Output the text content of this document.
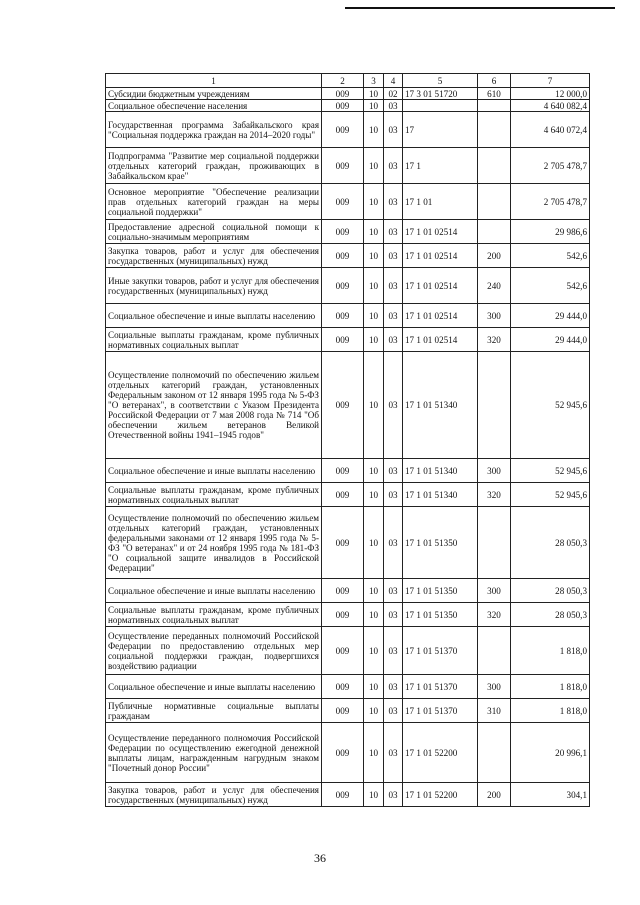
1	2	3	4	5	6	7
Субсидии бюджетным учреждениям	009	10	02	17 3 01 51720	610	12 000,0
Социальное обеспечение населения	009	10	03			4 640 082,4
Государственная программа Забайкальского края "Социальная поддержка граждан на 2014–2020 годы"	009	10	03	17		4 640 072,4
Подпрограмма "Развитие мер социальной поддержки отдельных категорий граждан, проживающих в Забайкальском крае"	009	10	03	17 1		2 705 478,7
Основное мероприятие "Обеспечение реализации прав отдельных категорий граждан на меры социальной поддержки"	009	10	03	17 1 01		2 705 478,7
Предоставление адресной социальной помощи к социально-значимым мероприятиям	009	10	03	17 1 01 02514		29 986,6
Закупка товаров, работ и услуг для обеспечения государственных (муниципальных) нужд	009	10	03	17 1 01 02514	200	542,6
Иные закупки товаров, работ и услуг для обеспечения государственных (муниципальных) нужд	009	10	03	17 1 01 02514	240	542,6
Социальное обеспечение и иные выплаты населению	009	10	03	17 1 01 02514	300	29 444,0
Социальные выплаты гражданам, кроме публичных нормативных социальных выплат	009	10	03	17 1 01 02514	320	29 444,0
Осуществление полномочий по обеспечению жильем отдельных категорий граждан, установленных Федеральным законом от 12 января 1995 года № 5-ФЗ "О ветеранах", в соответствии с Указом Президента Российской Федерации от 7 мая 2008 года № 714 "Об обеспечении жильем ветеранов Великой Отечественной войны 1941–1945 годов"	009	10	03	17 1 01 51340		52 945,6
Социальное обеспечение и иные выплаты населению	009	10	03	17 1 01 51340	300	52 945,6
Социальные выплаты гражданам, кроме публичных нормативных социальных выплат	009	10	03	17 1 01 51340	320	52 945,6
Осуществление полномочий по обеспечению жильем отдельных категорий граждан, установленных федеральными законами от 12 января 1995 года № 5-ФЗ "О ветеранах" и от 24 ноября 1995 года № 181-ФЗ "О социальной защите инвалидов в Российской Федерации"	009	10	03	17 1 01 51350		28 050,3
Социальное обеспечение и иные выплаты населению	009	10	03	17 1 01 51350	300	28 050,3
Социальные выплаты гражданам, кроме публичных нормативных социальных выплат	009	10	03	17 1 01 51350	320	28 050,3
Осуществление переданных полномочий Российской Федерации по предоставлению отдельных мер социальной поддержки граждан, подвергшихся воздействию радиации	009	10	03	17 1 01 51370		1 818,0
Социальное обеспечение и иные выплаты населению	009	10	03	17 1 01 51370	300	1 818,0
Публичные нормативные социальные выплаты гражданам	009	10	03	17 1 01 51370	310	1 818,0
Осуществление переданного полномочия Российской Федерации по осуществлению ежегодной денежной выплаты лицам, награжденным нагрудным знаком "Почетный донор России"	009	10	03	17 1 01 52200		20 996,1
Закупка товаров, работ и услуг для обеспечения государственных (муниципальных) нужд	009	10	03	17 1 01 52200	200	304,1
36
